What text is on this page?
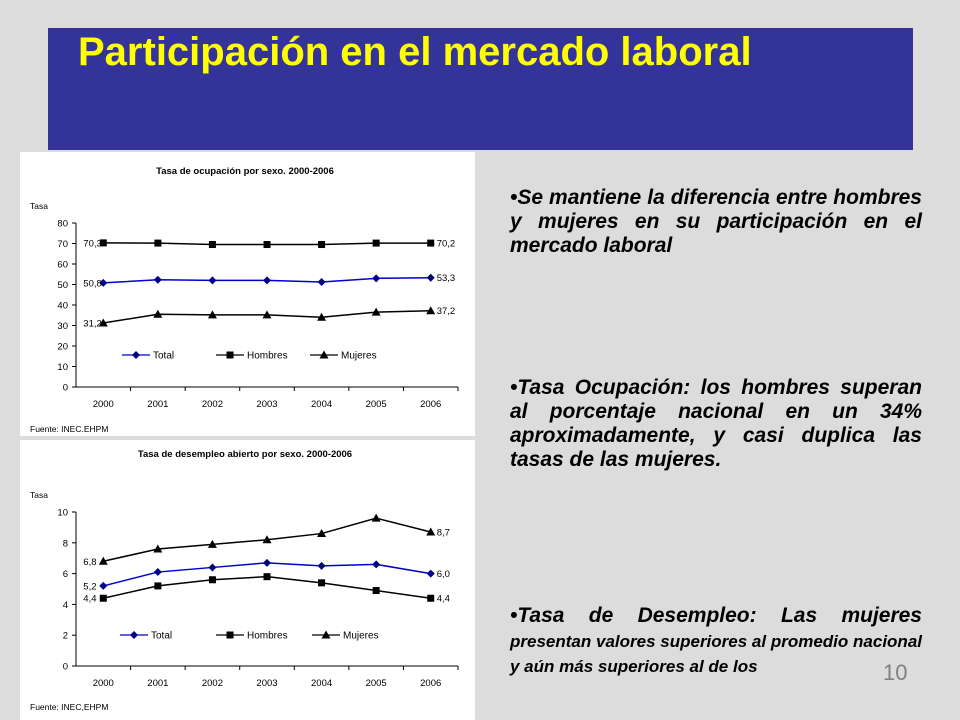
Participación en el mercado laboral
Tasa de ocupación por sexo. 2000-2006
Tasa
0
10
20
30
40
50
60
70
80
2000	2001	2002	2003	2004	2005	2006
70,3
50,8
31,2
70,2
53,3
37,2
Total	Hombres	Mujeres
Fuente: INEC.EHPM
Tasa de desempleo abierto por sexo. 2000-2006
Tasa
0
2
4
6
8
10
2000	2001	2002	2003	2004	2005	2006
6,8
5,2
4,4
8,7
6,0
4,4
Total	Hombres	Mujeres
Fuente: INEC,EHPM

•Se mantiene la diferencia entre hombres y mujeres en su participación en el mercado laboral

•Tasa Ocupación: los hombres superan al porcentaje nacional en un 34% aproximadamente, y casi duplica las tasas de las mujeres.

•Tasa de Desempleo: Las mujeres presentan valores superiores al promedio nacional y aún más superiores al de los	10
